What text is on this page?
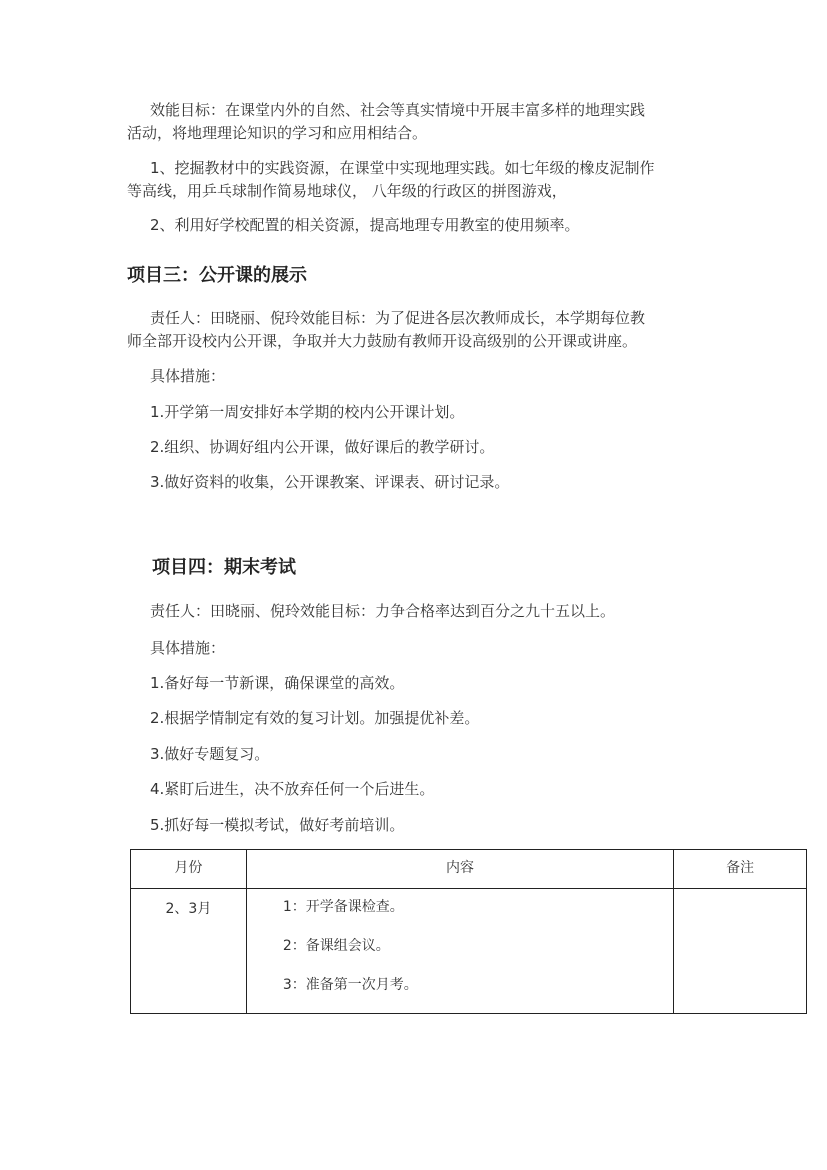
效能目标：在课堂内外的自然、社会等真实情境中开展丰富多样的地理实践

活动，将地理理论知识的学习和应用相结合。

1、挖掘教材中的实践资源，在课堂中实现地理实践。如七年级的橡皮泥制作

等高线，用乒乓球制作简易地球仪， 八年级的行政区的拼图游戏，

2、利用好学校配置的相关资源，提高地理专用教室的使用频率。

项目三：公开课的展示

责任人：田晓丽、倪玲效能目标：为了促进各层次教师成长，本学期每位教

师全部开设校内公开课，争取并大力鼓励有教师开设高级别的公开课或讲座。

具体措施：

1.开学第一周安排好本学期的校内公开课计划。

2.组织、协调好组内公开课，做好课后的教学研讨。

3.做好资料的收集，公开课教案、评课表、研讨记录。

项目四：期末考试

责任人：田晓丽、倪玲效能目标：力争合格率达到百分之九十五以上。

具体措施：

1.备好每一节新课，确保课堂的高效。

2.根据学情制定有效的复习计划。加强提优补差。

3.做好专题复习。

4.紧盯后进生，决不放弃任何一个后进生。

5.抓好每一模拟考试，做好考前培训。

月份	内容	备注
2、3月	1：开学备课检查。
2：备课组会议。
3：准备第一次月考。	
